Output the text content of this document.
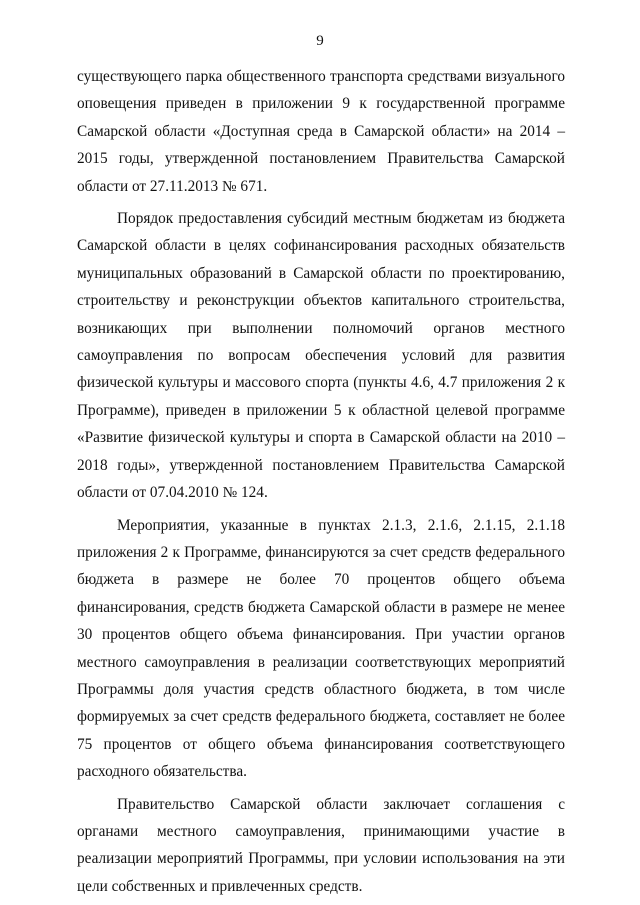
9

существующего парка общественного транспорта средствами визуального оповещения приведен в приложении 9 к государственной программе Самарской области «Доступная среда в Самарской области» на 2014 – 2015 годы, утвержденной постановлением Правительства Самарской области от 27.11.2013 № 671.

Порядок предоставления субсидий местным бюджетам из бюджета Самарской области в целях софинансирования расходных обязательств муниципальных образований в Самарской области по проектированию, строительству и реконструкции объектов капитального строительства, возникающих при выполнении полномочий органов местного самоуправления по вопросам обеспечения условий для развития физической культуры и массового спорта (пункты 4.6, 4.7 приложения 2 к Программе), приведен в приложении 5 к областной целевой программе «Развитие физической культуры и спорта в Самарской области на 2010 – 2018 годы», утвержденной постановлением Правительства Самарской области от 07.04.2010 № 124.

Мероприятия, указанные в пунктах 2.1.3, 2.1.6, 2.1.15, 2.1.18 приложения 2 к Программе, финансируются за счет средств федерального бюджета в размере не более 70 процентов общего объема финансирования, средств бюджета Самарской области в размере не менее 30 процентов общего объема финансирования. При участии органов местного самоуправления в реализации соответствующих мероприятий Программы доля участия средств областного бюджета, в том числе формируемых за счет средств федерального бюджета, составляет не более 75 процентов от общего объема финансирования соответствующего расходного обязательства.

Правительство Самарской области заключает соглашения с органами местного самоуправления, принимающими участие в реализации мероприятий Программы, при условии использования на эти цели собственных и привлеченных средств.
